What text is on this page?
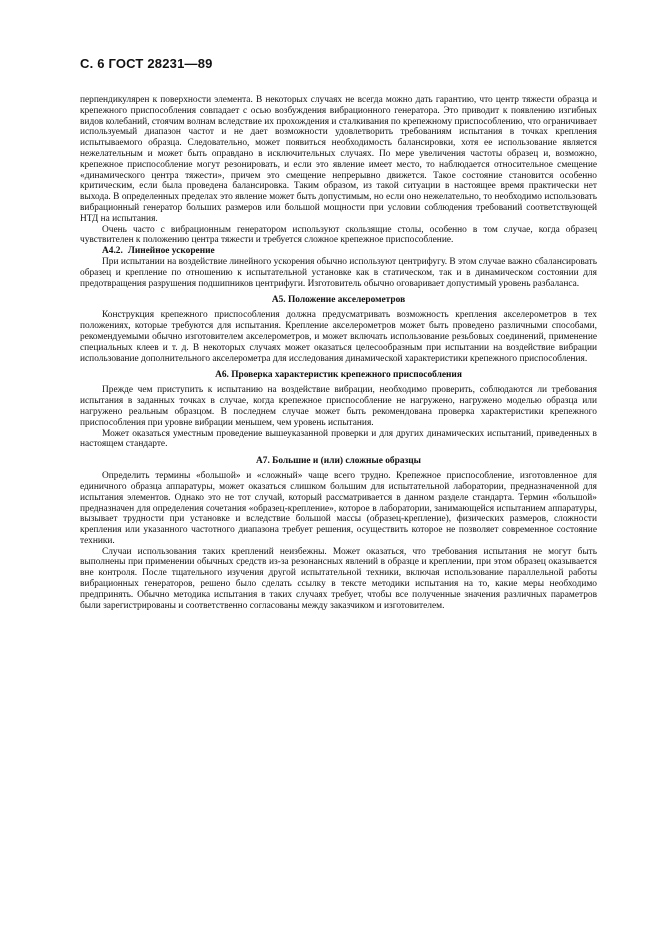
С. 6 ГОСТ 28231—89

перпендикулярен к поверхности элемента. В некоторых случаях не всегда можно дать гарантию, что центр тяжести образца и крепежного приспособления совпадает с осью возбуждения вибрационного генератора. Это приводит к появлению изгибных видов колебаний, стоячим волнам вследствие их прохождения и сталкивания по крепежному приспособлению, что ограничивает используемый диапазон частот и не дает возможности удовлетворить требованиям испытания в точках крепления испытываемого образца. Следовательно, может появиться необходимость балансировки, хотя ее использование является нежелательным и может быть оправдано в исключительных случаях. По мере увеличения частоты образец и, возможно, крепежное приспособление могут резонировать, и если это явление имеет место, то наблюдается относительное смещение «динамического центра тяжести», причем это смещение непрерывно движется. Такое состояние становится особенно критическим, если была проведена балансировка. Таким образом, из такой ситуации в настоящее время практически нет выхода. В определенных пределах это явление может быть допустимым, но если оно нежелательно, то необходимо использовать вибрационный генератор больших размеров или большой мощности при условии соблюдения требований соответствующей НТД на испытания.

Очень часто с вибрационным генератором используют скользящие столы, особенно в том случае, когда образец чувствителен к положению центра тяжести и требуется сложное крепежное приспособление.

А4.2. Линейное ускорение

При испытании на воздействие линейного ускорения обычно используют центрифугу. В этом случае важно сбалансировать образец и крепление по отношению к испытательной установке как в статическом, так и в динамическом состоянии для предотвращения разрушения подшипников центрифуги. Изготовитель обычно оговаривает допустимый уровень разбаланса.

А5. Положение акселерометров

Конструкция крепежного приспособления должна предусматривать возможность крепления акселерометров в тех положениях, которые требуются для испытания. Крепление акселерометров может быть проведено различными способами, рекомендуемыми обычно изготовителем акселерометров, и может включать использование резьбовых соединений, применение специальных клеев и т. д. В некоторых случаях может оказаться целесообразным при испытании на воздействие вибрации использование дополнительного акселерометра для исследования динамической характеристики крепежного приспособления.

А6. Проверка характеристик крепежного приспособления

Прежде чем приступить к испытанию на воздействие вибрации, необходимо проверить, соблюдаются ли требования испытания в заданных точках в случае, когда крепежное приспособление не нагружено, нагружено моделью образца или нагружено реальным образцом. В последнем случае может быть рекомендована проверка характеристики крепежного приспособления при уровне вибрации меньшем, чем уровень испытания.

Может оказаться уместным проведение вышеуказанной проверки и для других динамических испытаний, приведенных в настоящем стандарте.

А7. Большие и (или) сложные образцы

Определить термины «большой» и «сложный» чаще всего трудно. Крепежное приспособление, изготовленное для единичного образца аппаратуры, может оказаться слишком большим для испытательной лаборатории, предназначенной для испытания элементов. Однако это не тот случай, который рассматривается в данном разделе стандарта. Термин «большой» предназначен для определения сочетания «образец-крепление», которое в лаборатории, занимающейся испытанием аппаратуры, вызывает трудности при установке и вследствие большой массы (образец-крепление), физических размеров, сложности крепления или указанного частотного диапазона требует решения, осуществить которое не позволяет современное состояние техники.

Случаи использования таких креплений неизбежны. Может оказаться, что требования испытания не могут быть выполнены при применении обычных средств из-за резонансных явлений в образце и креплении, при этом образец оказывается вне контроля. После тщательного изучения другой испытательной техники, включая использование параллельной работы вибрационных генераторов, решено было сделать ссылку в тексте методики испытания на то, какие меры необходимо предпринять. Обычно методика испытания в таких случаях требует, чтобы все полученные значения различных параметров были зарегистрированы и соответственно согласованы между заказчиком и изготовителем.
